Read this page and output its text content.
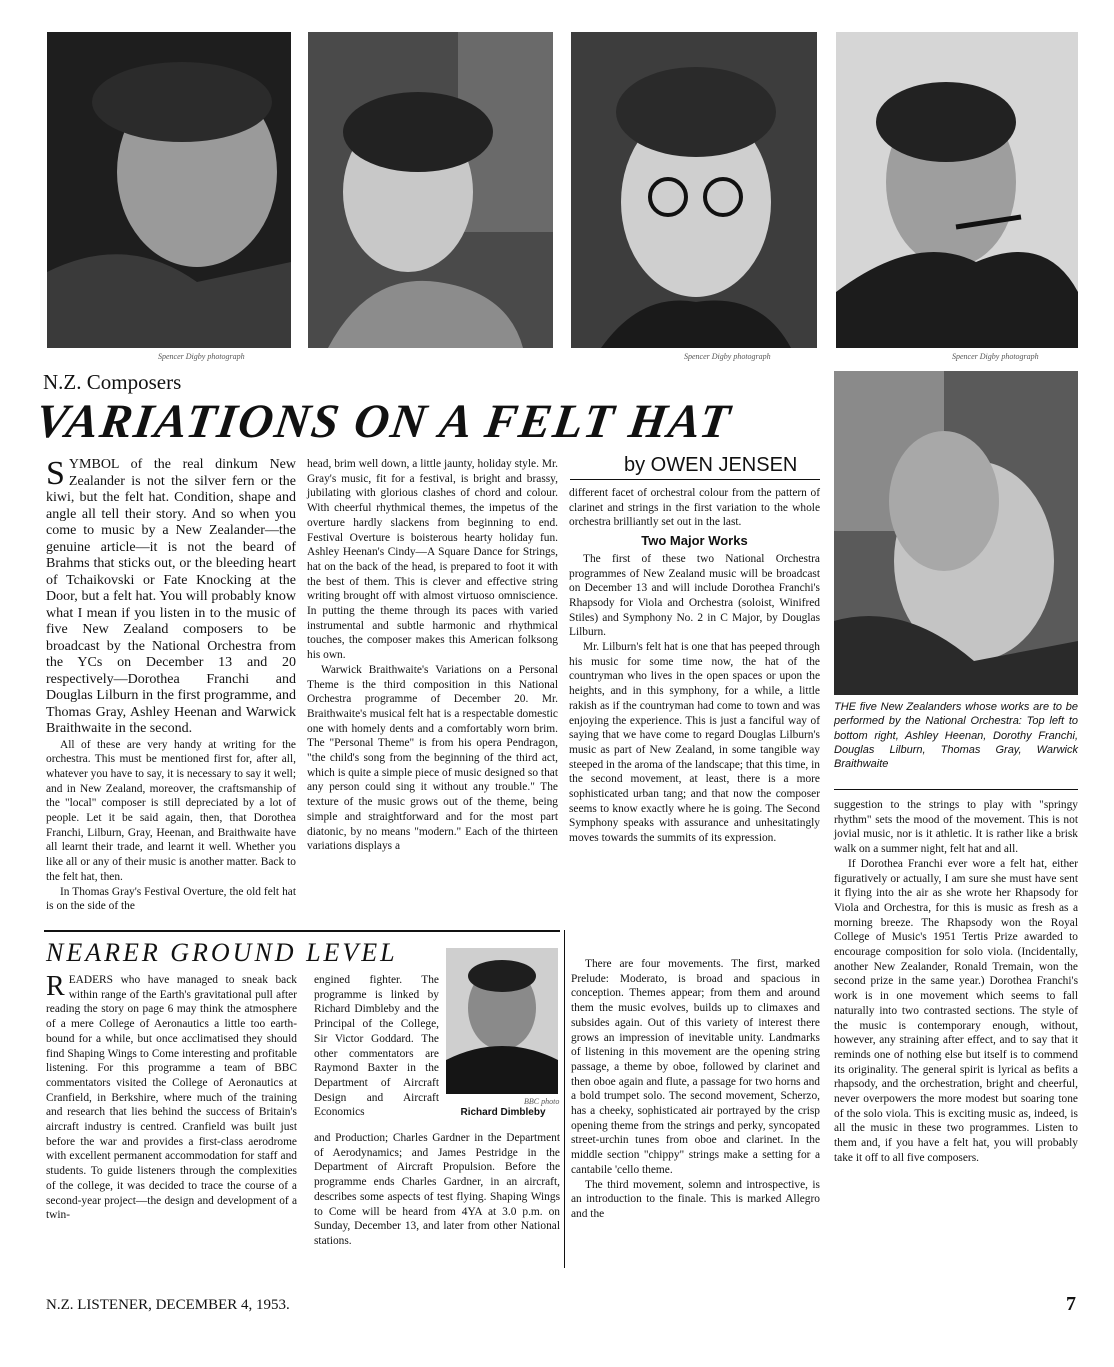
Spencer Digby photograph	Spencer Digby photograph	Spencer Digby photograph
N.Z. Composers
VARIATIONS ON A FELT HAT
by OWEN JENSEN
THE five New Zealanders whose works are to be performed by the National Orchestra: Top left to bottom right, Ashley Heenan, Dorothy Franchi, Douglas Lilburn, Thomas Gray, Warwick Braithwaite

SYMBOL of the real dinkum New Zealander is not the silver fern or the kiwi, but the felt hat. Condition, shape and angle all tell their story. And so when you come to music by a New Zealander—the genuine article—it is not the beard of Brahms that sticks out, or the bleeding heart of Tchaikovski or Fate Knocking at the Door, but a felt hat. You will probably know what I mean if you listen in to the music of five New Zealand composers to be broadcast by the National Orchestra from the YCs on December 13 and 20 respectively—Dorothea Franchi and Douglas Lilburn in the first programme, and Thomas Gray, Ashley Heenan and Warwick Braithwaite in the second.

All of these are very handy at writing for the orchestra. This must be mentioned first for, after all, whatever you have to say, it is necessary to say it well; and in New Zealand, moreover, the craftsmanship of the "local" composer is still depreciated by a lot of people. Let it be said again, then, that Dorothea Franchi, Lilburn, Gray, Heenan, and Braithwaite have all learnt their trade, and learnt it well. Whether you like all or any of their music is another matter. Back to the felt hat, then.

In Thomas Gray's Festival Overture, the old felt hat is on the side of the

head, brim well down, a little jaunty, holiday style. Mr. Gray's music, fit for a festival, is bright and brassy, jubilating with glorious clashes of chord and colour. With cheerful rhythmical themes, the impetus of the overture hardly slackens from beginning to end. Festival Overture is boisterous hearty holiday fun. Ashley Heenan's Cindy—A Square Dance for Strings, hat on the back of the head, is prepared to foot it with the best of them. This is clever and effective string writing brought off with almost virtuoso omniscience. In putting the theme through its paces with varied instrumental and subtle harmonic and rhythmical touches, the composer makes this American folksong his own.

Warwick Braithwaite's Variations on a Personal Theme is the third composition in this National Orchestra programme of December 20. Mr. Braithwaite's musical felt hat is a respectable domestic one with homely dents and a comfortably worn brim. The "Personal Theme" is from his opera Pendragon, "the child's song from the beginning of the third act, which is quite a simple piece of music designed so that any person could sing it without any trouble." The texture of the music grows out of the theme, being simple and straightforward and for the most part diatonic, by no means "modern." Each of the thirteen variations displays a

different facet of orchestral colour from the pattern of clarinet and strings in the first variation to the whole orchestra brilliantly set out in the last.

Two Major Works

The first of these two National Orchestra programmes of New Zealand music will be broadcast on December 13 and will include Dorothea Franchi's Rhapsody for Viola and Orchestra (soloist, Winifred Stiles) and Symphony No. 2 in C Major, by Douglas Lilburn.

Mr. Lilburn's felt hat is one that has peeped through his music for some time now, the hat of the countryman who lives in the open spaces or upon the heights, and in this symphony, for a while, a little rakish as if the countryman had come to town and was enjoying the experience. This is just a fanciful way of saying that we have come to regard Douglas Lilburn's music as part of New Zealand, in some tangible way steeped in the aroma of the landscape; that this time, in the second movement, at least, there is a more sophisticated urban tang; and that now the composer seems to know exactly where he is going. The Second Symphony speaks with assurance and unhesitatingly moves towards the summits of its expression.

There are four movements. The first, marked Prelude: Moderato, is broad and spacious in conception. Themes appear; from them and around them the music evolves, builds up to climaxes and subsides again. Out of this variety of interest there grows an impression of inevitable unity. Landmarks of listening in this movement are the opening string passage, a theme by oboe, followed by clarinet and then oboe again and flute, a passage for two horns and a bold trumpet solo. The second movement, Scherzo, has a cheeky, sophisticated air portrayed by the crisp opening theme from the strings and perky, syncopated street-urchin tunes from oboe and clarinet. In the middle section "chippy" strings make a setting for a cantabile 'cello theme.

The third movement, solemn and introspective, is an introduction to the finale. This is marked Allegro and the

suggestion to the strings to play with "springy rhythm" sets the mood of the movement. This is not jovial music, nor is it athletic. It is rather like a brisk walk on a summer night, felt hat and all.

If Dorothea Franchi ever wore a felt hat, either figuratively or actually, I am sure she must have sent it flying into the air as she wrote her Rhapsody for Viola and Orchestra, for this is music as fresh as a morning breeze. The Rhapsody won the Royal College of Music's 1951 Tertis Prize awarded to encourage composition for solo viola. (Incidentally, another New Zealander, Ronald Tremain, won the second prize in the same year.) Dorothea Franchi's work is in one movement which seems to fall naturally into two contrasted sections. The style of the music is contemporary enough, without, however, any straining after effect, and to say that it reminds one of nothing else but itself is to commend its originality. The general spirit is lyrical as befits a rhapsody, and the orchestration, bright and cheerful, never overpowers the more modest but soaring tone of the solo viola. This is exciting music as, indeed, is all the music in these two programmes. Listen to them and, if you have a felt hat, you will probably take it off to all five composers.

NEARER GROUND LEVEL

READERS who have managed to sneak back within range of the Earth's gravitational pull after reading the story on page 6 may think the atmosphere of a mere College of Aeronautics a little too earth-bound for a while, but once acclimatised they should find Shaping Wings to Come interesting and profitable listening. For this programme a team of BBC commentators visited the College of Aeronautics at Cranfield, in Berkshire, where much of the training and research that lies behind the success of Britain's aircraft industry is centred. Cranfield was built just before the war and provides a first-class aerodrome with excellent permanent accommodation for staff and students. To guide listeners through the complexities of the college, it was decided to trace the course of a second-year project—the design and development of a twin-

engined fighter. The programme is linked by Richard Dimbleby and the Principal of the College, Sir Victor Goddard. The other commentators are Raymond Baxter in the Department of Aircraft Design and Aircraft Economics

BBC photo
Richard Dimbleby

and Production; Charles Gardner in the Department of Aerodynamics; and James Pestridge in the Department of Aircraft Propulsion. Before the programme ends Charles Gardner, in an aircraft, describes some aspects of test flying. Shaping Wings to Come will be heard from 4YA at 3.0 p.m. on Sunday, December 13, and later from other National stations.

N.Z. LISTENER, DECEMBER 4, 1953.	7
